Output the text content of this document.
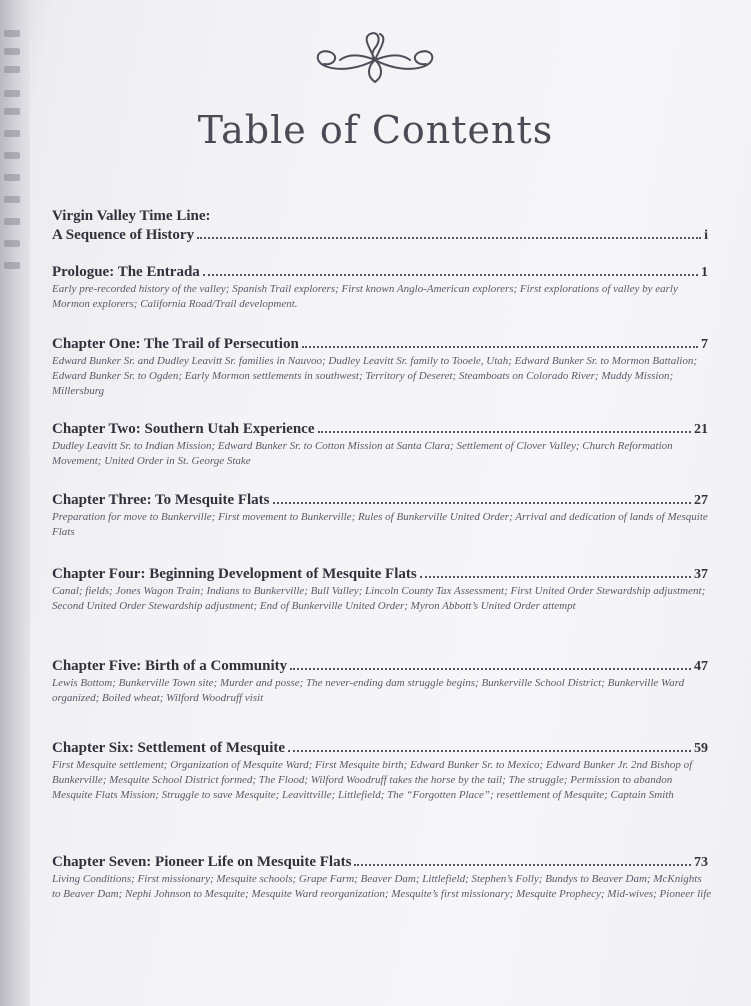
Table of Contents
Virgin Valley Time Line:
A Sequence of History	i
Prologue: The Entrada	1
Early pre-recorded history of the valley; Spanish Trail explorers; First known Anglo-American explorers; First explorations of valley by early Mormon explorers; California Road/Trail development.
Chapter One: The Trail of Persecution	7
Edward Bunker Sr. and Dudley Leavitt Sr. families in Nauvoo; Dudley Leavitt Sr. family to Tooele, Utah; Edward Bunker Sr. to Mormon Battalion; Edward Bunker Sr. to Ogden; Early Mormon settlements in southwest; Territory of Deseret; Steamboats on Colorado River; Muddy Mission; Millersburg
Chapter Two: Southern Utah Experience	21
Dudley Leavitt Sr. to Indian Mission; Edward Bunker Sr. to Cotton Mission at Santa Clara; Settlement of Clover Valley; Church Reformation Movement; United Order in St. George Stake
Chapter Three: To Mesquite Flats	27
Preparation for move to Bunkerville; First movement to Bunkerville; Rules of Bunkerville United Order; Arrival and dedication of lands of Mesquite Flats
Chapter Four: Beginning Development of Mesquite Flats	37
Canal; fields; Jones Wagon Train; Indians to Bunkerville; Bull Valley; Lincoln County Tax Assessment; First United Order Stewardship adjustment; Second United Order Stewardship adjustment; End of Bunkerville United Order; Myron Abbott’s United Order attempt
Chapter Five: Birth of a Community	47
Lewis Bottom; Bunkerville Town site; Murder and posse; The never-ending dam struggle begins; Bunkerville School District; Bunkerville Ward organized; Boiled wheat; Wilford Woodruff visit
Chapter Six: Settlement of Mesquite	59
First Mesquite settlement; Organization of Mesquite Ward; First Mesquite birth; Edward Bunker Sr. to Mexico; Edward Bunker Jr. 2nd Bishop of Bunkerville; Mesquite School District formed; The Flood; Wilford Woodruff takes the horse by the tail; The struggle; Permission to abandon Mesquite Flats Mission; Struggle to save Mesquite; Leavittville; Littlefield; The “Forgotten Place”; resettlement of Mesquite; Captain Smith
Chapter Seven: Pioneer Life on Mesquite Flats	73
Living Conditions; First missionary; Mesquite schools; Grape Farm; Beaver Dam; Littlefield; Stephen’s Folly; Bundys to Beaver Dam; McKnights to Beaver Dam; Nephi Johnson to Mesquite; Mesquite Ward reorganization; Mesquite’s first missionary; Mesquite Prophecy; Mid-wives; Pioneer life
